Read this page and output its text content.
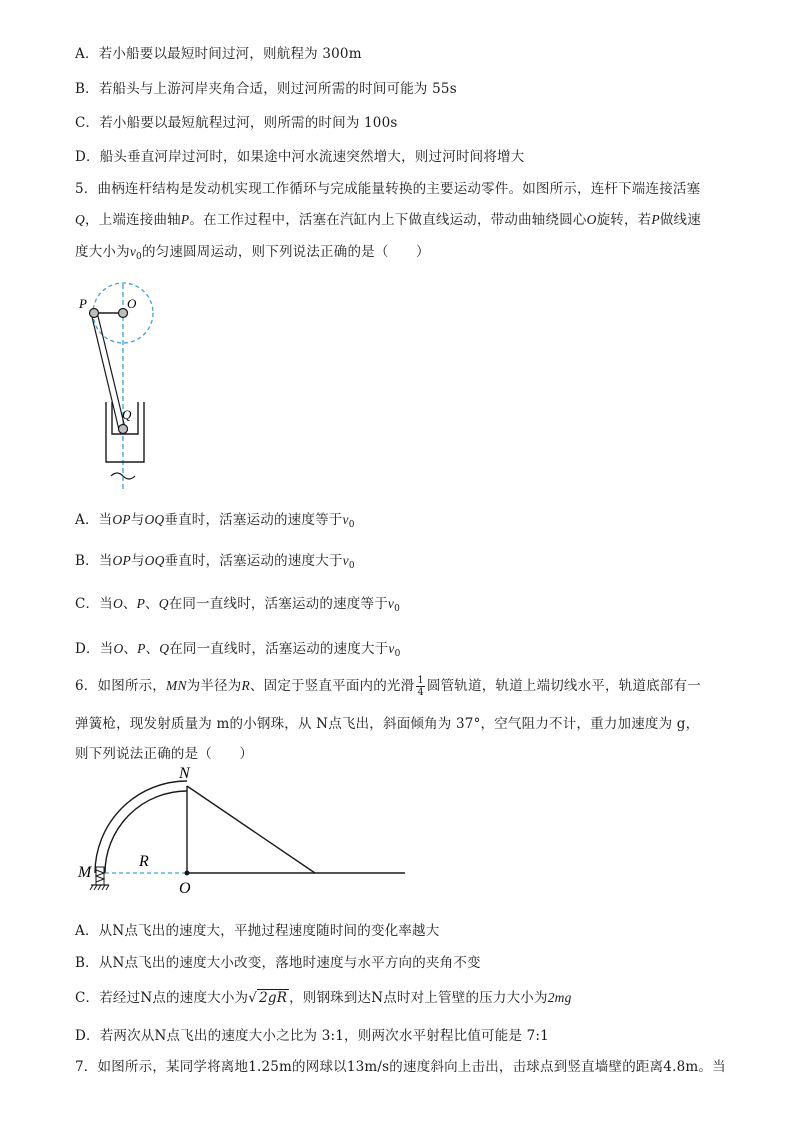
A．若小船要以最短时间过河，则航程为 300m
B．若船头与上游河岸夹角合适，则过河所需的时间可能为 55s
C．若小船要以最短航程过河，则所需的时间为 100s
D．船头垂直河岸过河时，如果途中河水流速突然增大，则过河时间将增大
5．曲柄连杆结构是发动机实现工作循环与完成能量转换的主要运动零件。如图所示，连杆下端连接活塞
Q，上端连接曲轴P。在工作过程中，活塞在汽缸内上下做直线运动，带动曲轴绕圆心O旋转，若P做线速
度大小为$v_0$的匀速圆周运动，则下列说法正确的是（　　）
P	O
Q
A．当OP与OQ垂直时，活塞运动的速度等于$v_0$
B．当OP与OQ垂直时，活塞运动的速度大于$v_0$
C．当O、P、Q在同一直线时，活塞运动的速度等于$v_0$
D．当O、P、Q在同一直线时，活塞运动的速度大于$v_0$
6．如图所示，MN为半径为R、固定于竖直平面内的光滑 $\frac{1}{4}$ 圆管轨道，轨道上端切线水平，轨道底部有一
弹簧枪，现发射质量为 m的小钢珠，从 N点飞出，斜面倾角为 37°，空气阻力不计，重力加速度为 g，
则下列说法正确的是（　　）
N
M
R
O
A．从N点飞出的速度大，平抛过程速度随时间的变化率越大
B．从N点飞出的速度大小改变，落地时速度与水平方向的夹角不变
C．若经过N点的速度大小为√ 2gR ，则钢珠到达N点时对上管壁的压力大小为2mg
D．若两次从N点飞出的速度大小之比为 3:1，则两次水平射程比值可能是 7:1
7．如图所示，某同学将离地1.25m的网球以13m/s的速度斜向上击出，击球点到竖直墙壁的距离4.8m。当
